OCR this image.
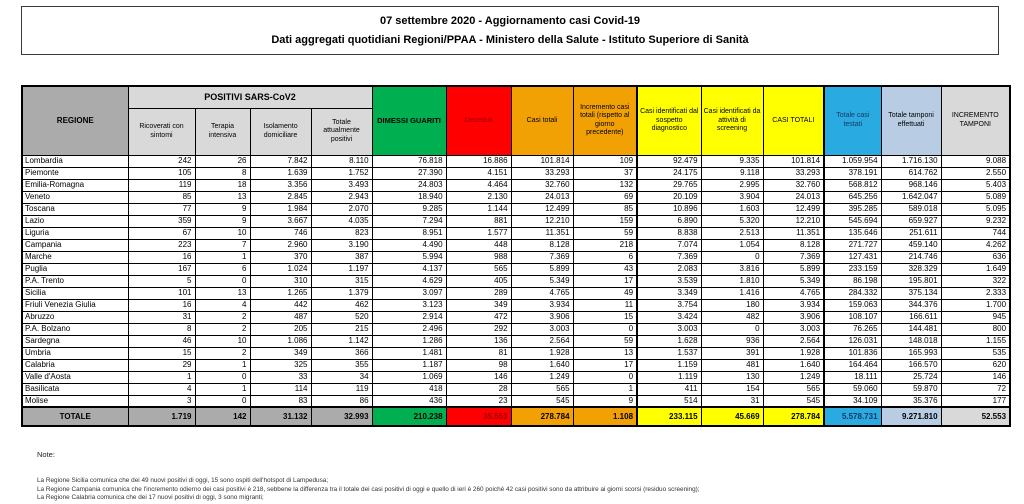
07 settembre 2020 - Aggiornamento casi Covid-19
Dati aggregati quotidiani Regioni/PPAA - Ministero della Salute - Istituto Superiore di Sanità
REGIONE	POSITIVI SARS-CoV2				DIMESSI GUARITI	Deceduti	Casi totali	Incremento casi totali (rispetto al giorno precedente)	Casi identificati dal sospetto diagnostico	Casi identificati da attività di screening	CASI TOTALI	Totale casi testati	Totale tamponi effettuati	INCREMENTO TAMPONI
	Ricoverati con sintomi	Terapia intensiva	Isolamento domiciliare	Totale attualmente positivi										
Lombardia	242	26	7.842	8.110	76.818	16.886	101.814	109	92.479	9.335	101.814	1.059.954	1.716.130	9.088
Piemonte	105	8	1.639	1.752	27.390	4.151	33.293	37	24.175	9.118	33.293	378.191	614.762	2.550
Emilia-Romagna	119	18	3.356	3.493	24.803	4.464	32.760	132	29.765	2.995	32.760	568.812	968.146	5.403
Veneto	85	13	2.845	2.943	18.940	2.130	24.013	69	20.109	3.904	24.013	645.256	1.642.047	5.089
Toscana	77	9	1.984	2.070	9.285	1.144	12.499	85	10.896	1.603	12.499	395.285	589.018	5.095
Lazio	359	9	3.667	4.035	7.294	881	12.210	159	6.890	5.320	12.210	545.694	659.927	9.232
Liguria	67	10	746	823	8.951	1.577	11.351	59	8.838	2.513	11.351	135.646	251.611	744
Campania	223	7	2.960	3.190	4.490	448	8.128	218	7.074	1.054	8.128	271.727	459.140	4.262
Marche	16	1	370	387	5.994	988	7.369	6	7.369	0	7.369	127.431	214.746	636
Puglia	167	6	1.024	1.197	4.137	565	5.899	43	2.083	3.816	5.899	233.159	328.329	1.649
P.A. Trento	5	0	310	315	4.629	405	5.349	17	3.539	1.810	5.349	86.198	195.801	322
Sicilia	101	13	1.265	1.379	3.097	289	4.765	49	3.349	1.416	4.765	284.332	375.134	2.333
Friuli Venezia Giulia	16	4	442	462	3.123	349	3.934	11	3.754	180	3.934	159.063	344.376	1.700
Abruzzo	31	2	487	520	2.914	472	3.906	15	3.424	482	3.906	108.107	166.611	945
P.A. Bolzano	8	2	205	215	2.496	292	3.003	0	3.003	0	3.003	76.265	144.481	800
Sardegna	46	10	1.086	1.142	1.286	136	2.564	59	1.628	936	2.564	126.031	148.018	1.155
Umbria	15	2	349	366	1.481	81	1.928	13	1.537	391	1.928	101.836	165.993	535
Calabria	29	1	325	355	1.187	98	1.640	17	1.159	481	1.640	164.464	166.570	620
Valle d'Aosta	1	0	33	34	1.069	146	1.249	0	1.119	130	1.249	18.111	25.724	146
Basilicata	4	1	114	119	418	28	565	1	411	154	565	59.060	59.870	72
Molise	3	0	83	86	436	23	545	9	514	31	545	34.109	35.376	177
TOTALE	1.719	142	31.132	32.993	210.238	35.553	278.784	1.108	233.115	45.669	278.784	5.578.731	9.271.810	52.553
Note:
La Regione Sicilia comunica che dei 49 nuovi positivi di oggi, 15 sono ospiti dell'hotspot di Lampedusa;
La Regione Campania comunica che l'incremento odierno dei casi positivi è 218, sebbene la differenza tra il totale dei casi positivi di oggi e quello di ieri è 260 poiché 42 casi positivi sono da attribuire ai giorni scorsi (residuo screening);
La Regione Calabria comunica che dei 17 nuovi positivi di oggi, 3 sono migranti;
